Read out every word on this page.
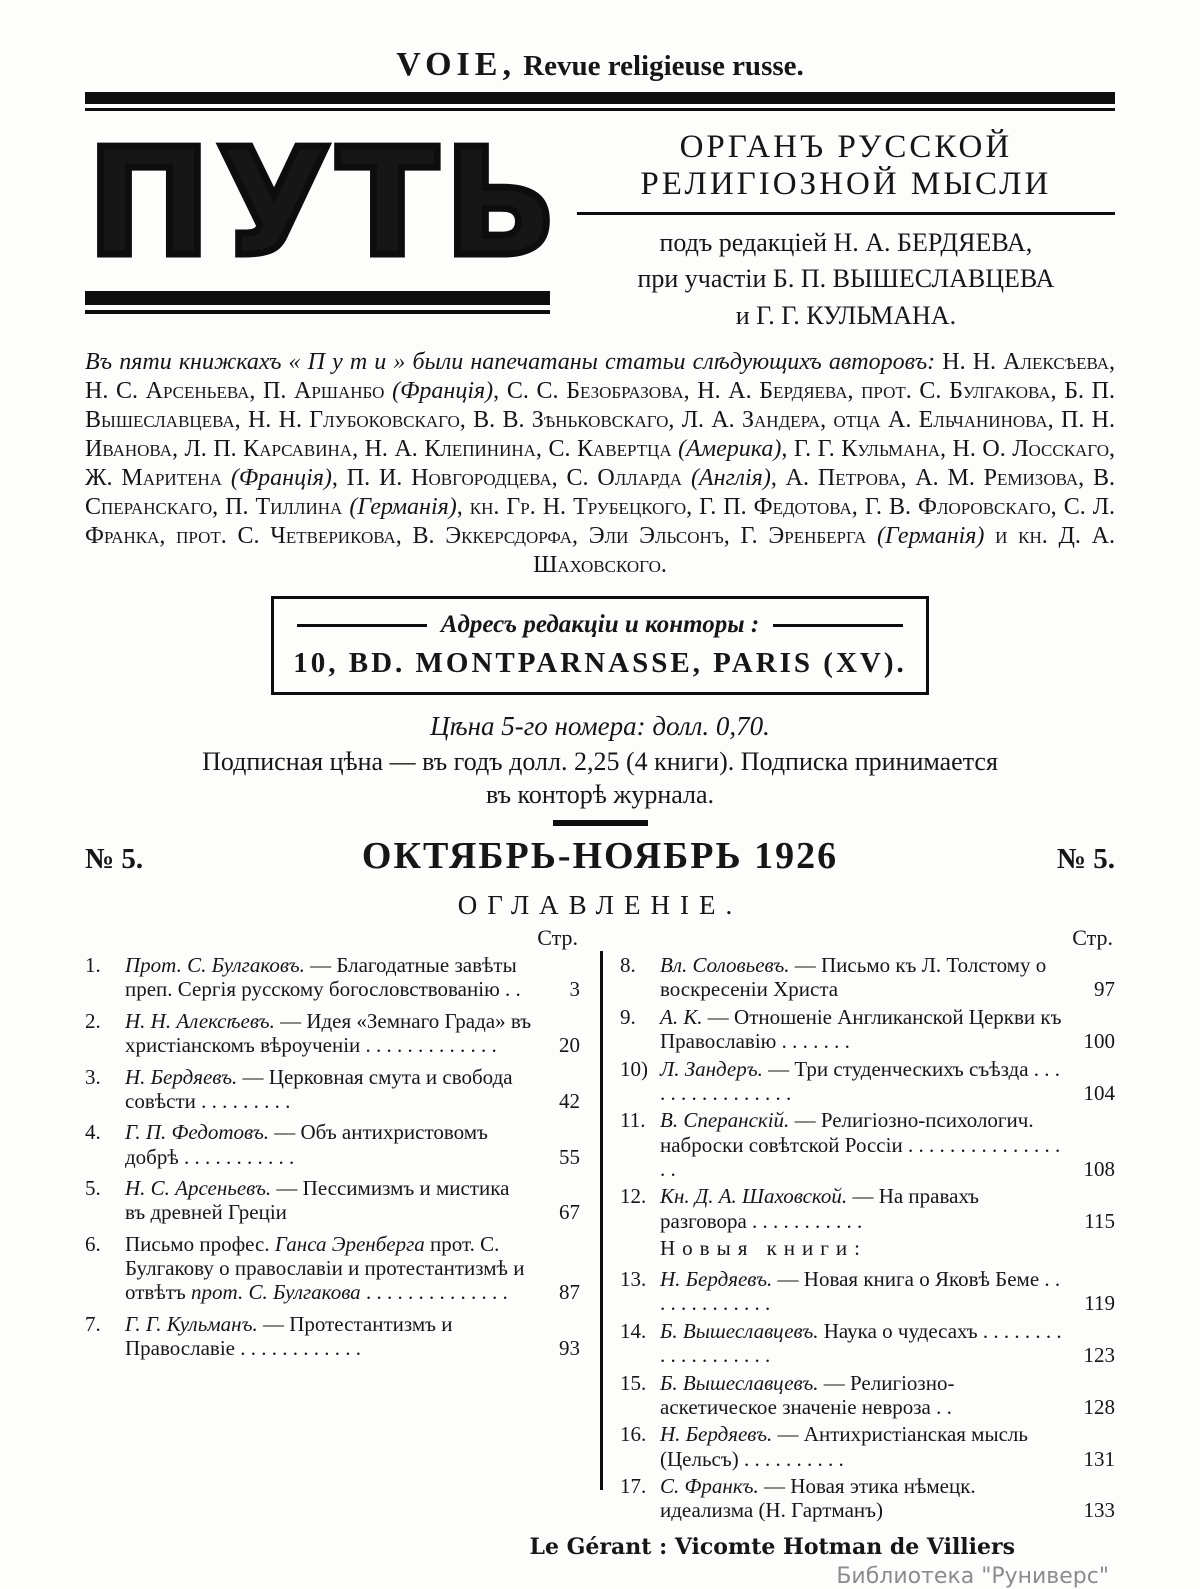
VOIE, Revue religieuse russe.
ПУТЬ	ОРГАНЪ РУССКОЙ
РЕЛИГІОЗНОЙ МЫСЛИ
подъ редакціей Н. А. БЕРДЯЕВА,
при участіи Б. П. ВЫШЕСЛАВЦЕВА
и Г. Г. КУЛЬМАНА.

Въ пяти книжкахъ « П у т и » были напечатаны статьи слѣдующихъ авторовъ: Н. Н. Алексѣева, Н. С. Арсеньева, П. Аршанбо (Франція), С. С. Безобразова, Н. А. Бердяева, прот. С. Булгакова, Б. П. Вышеславцева, Н. Н. Глубоковскаго, В. В. Зѣньковскаго, Л. А. Зандера, отца А. Ельчанинова, П. Н. Иванова, Л. П. Карсавина, Н. А. Клепинина, С. Кавертца (Америка), Г. Г. Кульмана, Н. О. Лосскаго, Ж. Маритена (Франція), П. И. Новгородцева, С. Олларда (Англія), А. Петрова, А. М. Ремизова, В. Сперанскаго, П. Тиллина (Германія), кн. Гр. Н. Трубецкого, Г. П. Федотова, Г. В. Флоровскаго, С. Л. Франка, прот. С. Четверикова, В. Эккерсдорфа, Эли Эльсонъ, Г. Эренберга (Германія) и кн. Д. А. Шаховского.

Адресъ редакціи и конторы :
10, BD. MONTPARNASSE, PARIS (XV).
Цѣна 5-го номера: долл. 0,70.
Подписная цѣна — въ годъ долл. 2,25 (4 книги). Подписка принимается
въ конторѣ журнала.
№ 5.	ОКТЯБРЬ-НОЯБРЬ 1926	№ 5.
ОГЛАВЛЕНІЕ.
Стр.
1.	Прот. С. Булгаковъ. — Благодатные завѣты преп. Сергія русскому богословствованію . .	3
2.	Н. Н. Алексѣевъ. — Идея «Земнаго Града» въ христіанскомъ вѣроученіи . . . . . . . . . . . . .	20
3.	Н. Бердяевъ. — Церковная смута и свобода совѣсти . . . . . . . . .	42
4.	Г. П. Федотовъ. — Объ антихристовомъ добрѣ . . . . . . . . . . .	55
5.	Н. С. Арсеньевъ. — Пессимизмъ и мистика въ древней Греціи	67
6.	Письмо профес. Ганса Эренберга прот. С. Булгакову о православіи и протестантизмѣ и отвѣтъ прот. С. Булгакова . . . . . . . . . . . . . .	87
7.	Г. Г. Кульманъ. — Протестантизмъ и Православіе . . . . . . . . . . . .	93
Стр.
8.	Вл. Соловьевъ. — Письмо къ Л. Толстому о воскресеніи Христа	97
9.	А. К. — Отношеніе Англиканской Церкви къ Православію . . . . . . .	100
10) Л. Зандеръ. — Три студенческихъ съѣзда . . . . . . . . . . . . . . . .	104
11. В. Сперанскій. — Религіозно-психологич. наброски совѣтской Россіи . . . . . . . . . . . . . . . . .	108
12. Кн. Д. А. Шаховской. — На правахъ разговора . . . . . . . . . . .	115
Новыя книги:
13. Н. Бердяевъ. — Новая книга о Яковѣ Беме . . . . . . . . . . . . .	119
14. Б. Вышеславцевъ. Наука о чудесахъ . . . . . . . . . . . . . . . . . . .	123
15. Б. Вышеславцевъ. — Религіозно-аскетическое значеніе невроза . .	128
16. Н. Бердяевъ. — Антихристіанская мысль (Цельсъ) . . . . . . . . . .	131
17. С. Франкъ. — Новая этика нѣмецк. идеализма (Н. Гартманъ)	133
Le Gérant : Vicomte Hotman de Villiers
Библиотека "Руниверс"
